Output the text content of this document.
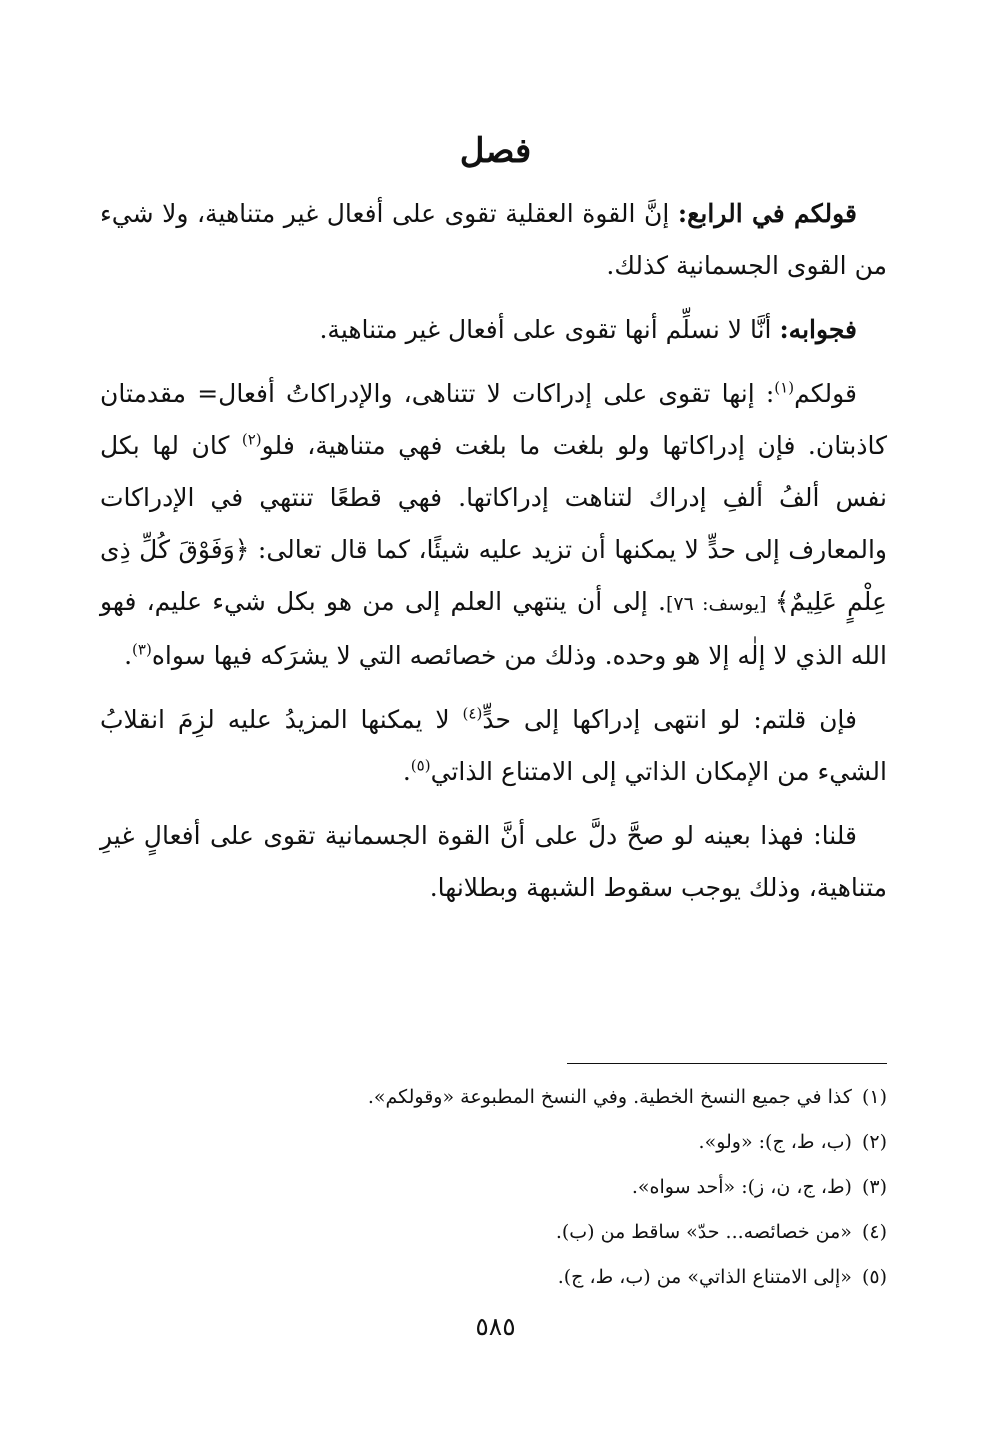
فصل

قولكم في الرابع: إنَّ القوة العقلية تقوى على أفعال غير متناهية، ولا شيء من القوى الجسمانية كذلك.

فجوابه: أنَّا لا نسلِّم أنها تقوى على أفعال غير متناهية.

قولكم$^{(١)}$: إنها تقوى على إدراكات لا تتناهى، والإدراكاتُ أفعال= مقدمتان كاذبتان. فإن إدراكاتها ولو بلغت ما بلغت فهي متناهية، فلو$^{(٢)}$ كان لها بكل نفس ألفُ ألفِ إدراك لتناهت إدراكاتها. فهي قطعًا تنتهي في الإدراكات والمعارف إلى حدٍّ لا يمكنها أن تزيد عليه شيئًا، كما قال تعالى: ﴿وَفَوْقَ كُلِّ ذِى عِلْمٍ عَلِيمٌ﴾ [يوسف: ٧٦]. إلى أن ينتهي العلم إلى من هو بكل شيء عليم، فهو الله الذي لا إلٰه إلا هو وحده. وذلك من خصائصه التي لا يشرَكه فيها سواه$^{(٣)}$.

فإن قلتم: لو انتهى إدراكها إلى حدٍّ$^{(٤)}$ لا يمكنها المزيدُ عليه لزِمَ انقلابُ الشيء من الإمكان الذاتي إلى الامتناع الذاتي$^{(٥)}$.

قلنا: فهذا بعينه لو صحَّ دلَّ على أنَّ القوة الجسمانية تقوى على أفعالٍ غيرِ متناهية، وذلك يوجب سقوط الشبهة وبطلانها.

(١)
كذا في جميع النسخ الخطية. وفي النسخ المطبوعة «وقولكم».
(٢)
(ب، ط، ج): «ولو».
(٣)
(ط، ج، ن، ز): «أحد سواه».
(٤)
«من خصائصه... حدّ» ساقط من (ب).
(٥)
«إلى الامتناع الذاتي» من (ب، ط، ج).
٥٨٥
